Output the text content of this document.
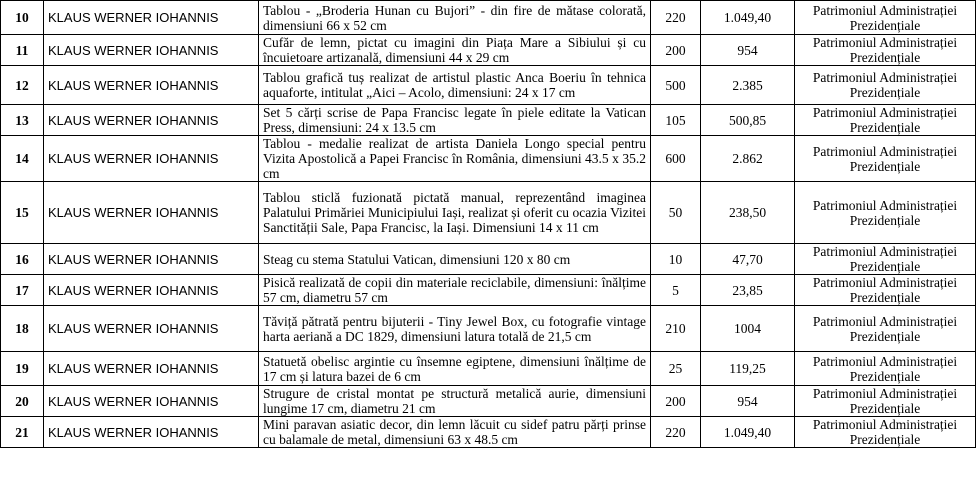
10	KLAUS WERNER IOHANNIS	Tablou - „Broderia Hunan cu Bujori” - din fire de mătase colorată, dimensiuni 66 x 52 cm	220	1.049,40	Patrimoniul Administrației Prezidențiale
11	KLAUS WERNER IOHANNIS	Cufăr de lemn, pictat cu imagini din Piața Mare a Sibiului și cu încuietoare artizanală, dimensiuni 44 x 29 cm	200	954	Patrimoniul Administrației Prezidențiale
12	KLAUS WERNER IOHANNIS	Tablou grafică tuș realizat de artistul plastic Anca Boeriu în tehnica aquaforte, intitulat „Aici – Acolo, dimensiuni: 24 x 17 cm	500	2.385	Patrimoniul Administrației Prezidențiale
13	KLAUS WERNER IOHANNIS	Set 5 cărți scrise de Papa Francisc legate în piele editate la Vatican Press, dimensiuni: 24 x 13.5 cm	105	500,85	Patrimoniul Administrației Prezidențiale
14	KLAUS WERNER IOHANNIS	Tablou - medalie realizat de artista Daniela Longo special pentru Vizita Apostolică a Papei Francisc în România, dimensiuni 43.5 x 35.2 cm	600	2.862	Patrimoniul Administrației Prezidențiale
15	KLAUS WERNER IOHANNIS	Tablou sticlă fuzionată pictată manual, reprezentând imaginea Palatului Primăriei Municipiului Iași, realizat și oferit cu ocazia Vizitei Sanctității Sale, Papa Francisc, la Iași. Dimensiuni 14 x 11 cm	50	238,50	Patrimoniul Administrației Prezidențiale
16	KLAUS WERNER IOHANNIS	Steag cu stema Statului Vatican, dimensiuni 120 x 80 cm	10	47,70	Patrimoniul Administrației Prezidențiale
17	KLAUS WERNER IOHANNIS	Pisică realizată de copii din materiale reciclabile, dimensiuni: înălțime 57 cm, diametru 57 cm	5	23,85	Patrimoniul Administrației Prezidențiale
18	KLAUS WERNER IOHANNIS	Tăviță pătrată pentru bijuterii - Tiny Jewel Box, cu fotografie vintage harta aeriană a DC 1829, dimensiuni latura totală de 21,5 cm	210	1004	Patrimoniul Administrației Prezidențiale
19	KLAUS WERNER IOHANNIS	Statuetă obelisc argintie cu însemne egiptene, dimensiuni înălțime de 17 cm și latura bazei de 6 cm	25	119,25	Patrimoniul Administrației Prezidențiale
20	KLAUS WERNER IOHANNIS	Strugure de cristal montat pe structură metalică aurie, dimensiuni lungime 17 cm, diametru 21 cm	200	954	Patrimoniul Administrației Prezidențiale
21	KLAUS WERNER IOHANNIS	Mini paravan asiatic decor, din lemn lăcuit cu sidef patru părți prinse cu balamale de metal, dimensiuni 63 x 48.5 cm	220	1.049,40	Patrimoniul Administrației Prezidențiale
